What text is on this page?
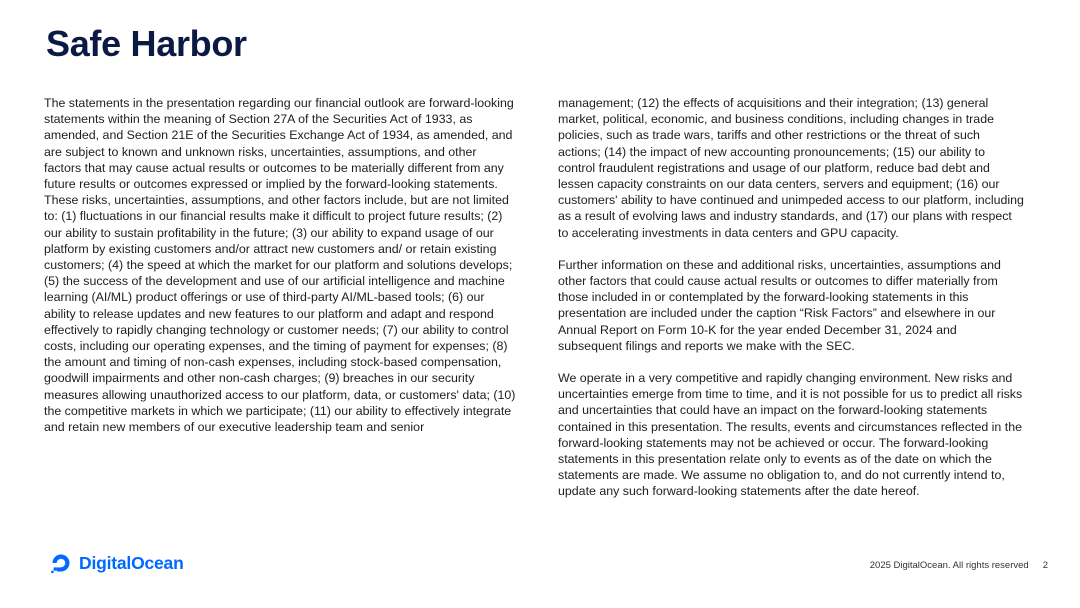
Safe Harbor

The statements in the presentation regarding our financial outlook are forward-looking statements within the meaning of Section 27A of the Securities Act of 1933, as amended, and Section 21E of the Securities Exchange Act of 1934, as amended, and are subject to known and unknown risks, uncertainties, assumptions, and other factors that may cause actual results or outcomes to be materially different from any future results or outcomes expressed or implied by the forward-looking statements. These risks, uncertainties, assumptions, and other factors include, but are not limited to: (1) fluctuations in our financial results make it difficult to project future results; (2) our ability to sustain profitability in the future; (3) our ability to expand usage of our platform by existing customers and/or attract new customers and/ or retain existing customers; (4) the speed at which the market for our platform and solutions develops; (5) the success of the development and use of our artificial intelligence and machine learning (AI/ML) product offerings or use of third-party AI/ML-based tools; (6) our ability to release updates and new features to our platform and adapt and respond effectively to rapidly changing technology or customer needs; (7) our ability to control costs, including our operating expenses, and the timing of payment for expenses; (8) the amount and timing of non-cash expenses, including stock-based compensation, goodwill impairments and other non-cash charges; (9) breaches in our security measures allowing unauthorized access to our platform, data, or customers' data; (10) the competitive markets in which we participate; (11) our ability to effectively integrate and retain new members of our executive leadership team and senior

management; (12) the effects of acquisitions and their integration; (13) general market, political, economic, and business conditions, including changes in trade policies, such as trade wars, tariffs and other restrictions or the threat of such actions; (14) the impact of new accounting pronouncements; (15) our ability to control fraudulent registrations and usage of our platform, reduce bad debt and lessen capacity constraints on our data centers, servers and equipment; (16) our customers' ability to have continued and unimpeded access to our platform, including as a result of evolving laws and industry standards, and (17) our plans with respect to accelerating investments in data centers and GPU capacity.

Further information on these and additional risks, uncertainties, assumptions and other factors that could cause actual results or outcomes to differ materially from those included in or contemplated by the forward-looking statements in this presentation are included under the caption “Risk Factors” and elsewhere in our Annual Report on Form 10-K for the year ended December 31, 2024 and subsequent filings and reports we make with the SEC.

We operate in a very competitive and rapidly changing environment. New risks and uncertainties emerge from time to time, and it is not possible for us to predict all risks and uncertainties that could have an impact on the forward-looking statements contained in this presentation. The results, events and circumstances reflected in the forward-looking statements may not be achieved or occur. The forward-looking statements in this presentation relate only to events as of the date on which the statements are made. We assume no obligation to, and do not currently intend to, update any such forward-looking statements after the date hereof.

DigitalOcean	2025 DigitalOcean. All rights reserved 2
